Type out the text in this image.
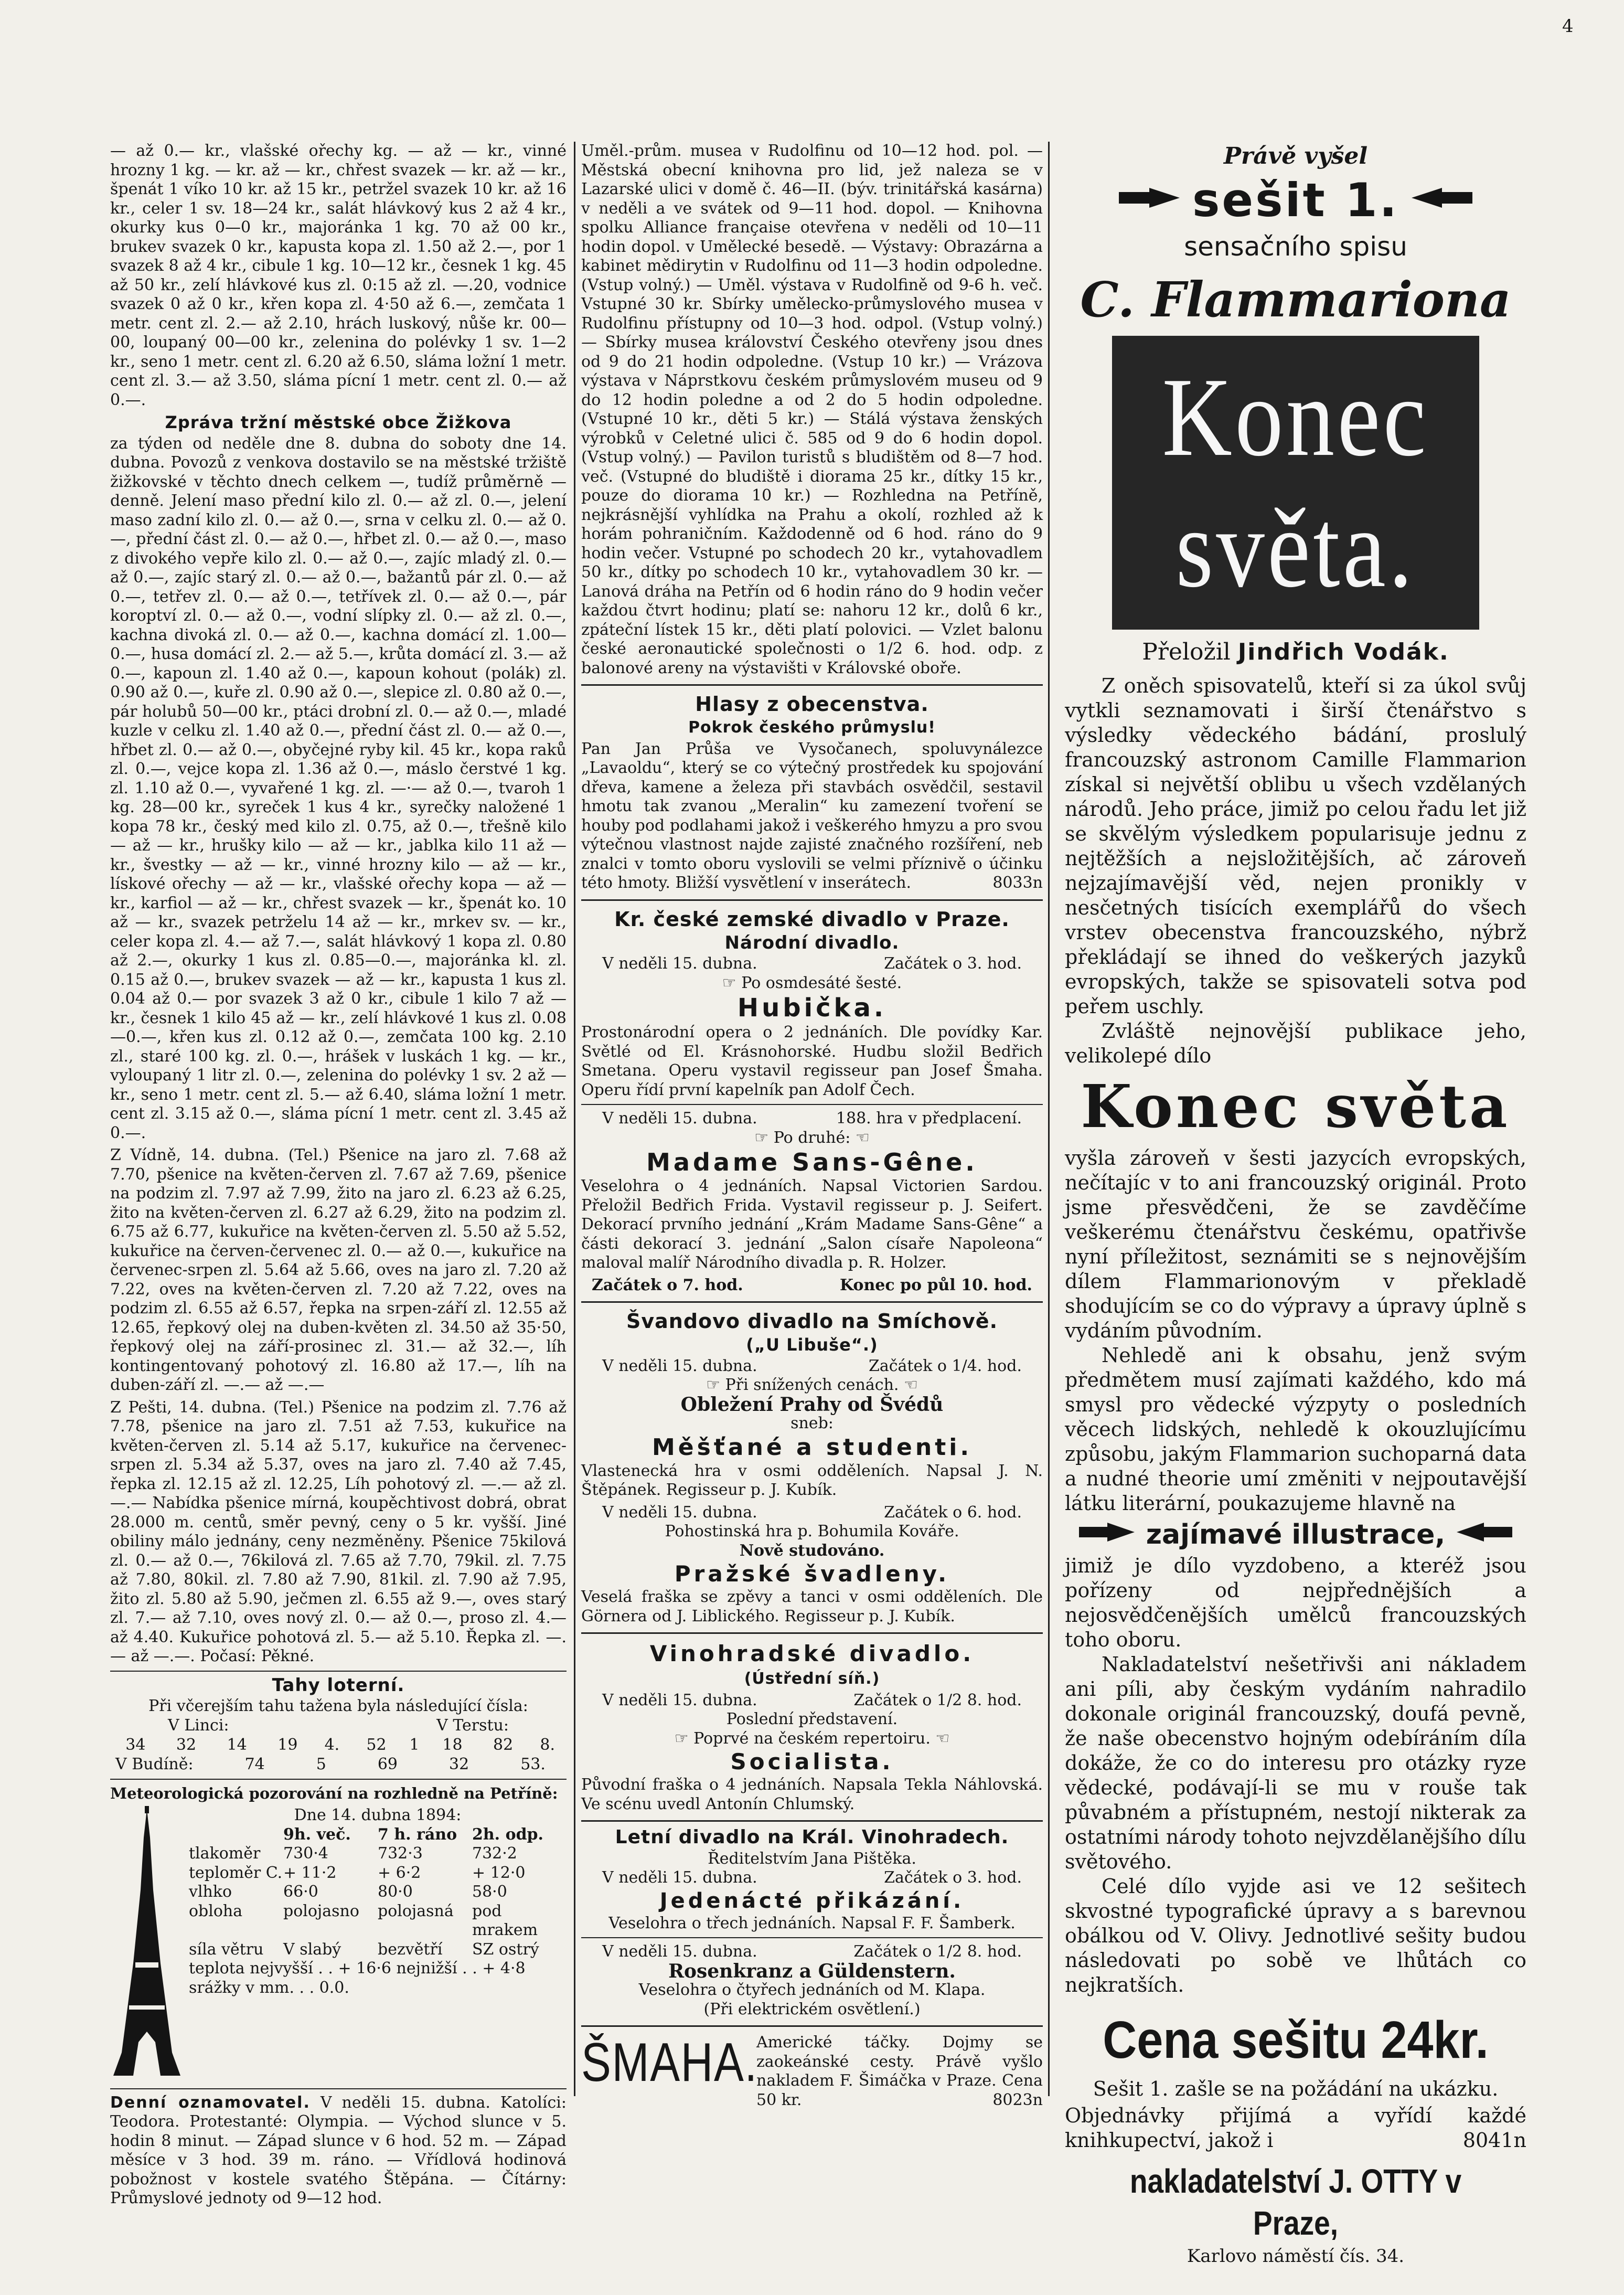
4
— až 0.— kr., vlašské ořechy kg. — až — kr., vinné hrozny 1 kg. — kr. až — kr., chřest svazek — kr. až — kr., špenát 1 víko 10 kr. až 15 kr., petržel svazek 10 kr. až 16 kr., celer 1 sv. 18—24 kr., salát hlávkový kus 2 až 4 kr., okurky kus 0—0 kr., majoránka 1 kg. 70 až 00 kr., brukev svazek 0 kr., kapusta kopa zl. 1.50 až 2.—, por 1 svazek 8 až 4 kr., cibule 1 kg. 10—12 kr., česnek 1 kg. 45 až 50 kr., zelí hlávkové kus zl. 0:15 až zl. —.20, vodnice svazek 0 až 0 kr., křen kopa zl. 4·50 až 6.—, zemčata 1 metr. cent zl. 2.— až 2.10, hrách luskový, nůše kr. 00—00, loupaný 00—00 kr., zelenina do polévky 1 sv. 1—2 kr., seno 1 metr. cent zl. 6.20 až 6.50, sláma ložní 1 metr. cent zl. 3.— až 3.50, sláma pícní 1 metr. cent zl. 0.— až 0.—.
Zpráva tržní městské obce Žižkova
za týden od neděle dne 8. dubna do soboty dne 14. dubna. Povozů z venkova dostavilo se na městské tržiště žižkovské v těchto dnech celkem —, tudíž průměrně — denně. Jelení maso přední kilo zl. 0.— až zl. 0.—, jelení maso zadní kilo zl. 0.— až 0.—, srna v celku zl. 0.— až 0.—, přední část zl. 0.— až 0.—, hřbet zl. 0.— až 0.—, maso z divokého vepře kilo zl. 0.— až 0.—, zajíc mladý zl. 0.— až 0.—, zajíc starý zl. 0.— až 0.—, bažantů pár zl. 0.— až 0.—, tetřev zl. 0.— až 0.—, tetřívek zl. 0.— až 0.—, pár koroptví zl. 0.— až 0.—, vodní slípky zl. 0.— až zl. 0.—, kachna divoká zl. 0.— až 0.—, kachna domácí zl. 1.00—0.—, husa domácí zl. 2.— až 5.—, krůta domácí zl. 3.— až 0.—, kapoun zl. 1.40 až 0.—, kapoun kohout (polák) zl. 0.90 až 0.—, kuře zl. 0.90 až 0.—, slepice zl. 0.80 až 0.—, pár holubů 50—00 kr., ptáci drobní zl. 0.— až 0.—, mladé kuzle v celku zl. 1.40 až 0.—, přední část zl. 0.— až 0.—, hřbet zl. 0.— až 0.—, obyčejné ryby kil. 45 kr., kopa raků zl. 0.—, vejce kopa zl. 1.36 až 0.—, máslo čerstvé 1 kg. zl. 1.10 až 0.—, vyvařené 1 kg. zl. —·— až 0.—, tvaroh 1 kg. 28—00 kr., syreček 1 kus 4 kr., syrečky naložené 1 kopa 78 kr., český med kilo zl. 0.75, až 0.—, třešně kilo — až — kr., hrušky kilo — až — kr., jablka kilo 11 až — kr., švestky — až — kr., vinné hrozny kilo — až — kr., lískové ořechy — až — kr., vlašské ořechy kopa — až — kr., karfiol — až — kr., chřest svazek — kr., špenát ko. 10 až — kr., svazek petrželu 14 až — kr., mrkev sv. — kr., celer kopa zl. 4.— až 7.—, salát hlávkový 1 kopa zl. 0.80 až 2.—, okurky 1 kus zl. 0.85—0.—, majoránka kl. zl. 0.15 až 0.—, brukev svazek — až — kr., kapusta 1 kus zl. 0.04 až 0.— por svazek 3 až 0 kr., cibule 1 kilo 7 až — kr., česnek 1 kilo 45 až — kr., zelí hlávkové 1 kus zl. 0.08—0.—, křen kus zl. 0.12 až 0.—, zemčata 100 kg. 2.10 zl., staré 100 kg. zl. 0.—, hrášek v luskách 1 kg. — kr., vyloupaný 1 litr zl. 0.—, zelenina do polévky 1 sv. 2 až — kr., seno 1 metr. cent zl. 5.— až 6.40, sláma ložní 1 metr. cent zl. 3.15 až 0.—, sláma pícní 1 metr. cent zl. 3.45 až 0.—.
Z Vídně, 14. dubna. (Tel.) Pšenice na jaro zl. 7.68 až 7.70, pšenice na květen-červen zl. 7.67 až 7.69, pšenice na podzim zl. 7.97 až 7.99, žito na jaro zl. 6.23 až 6.25, žito na květen-červen zl. 6.27 až 6.29, žito na podzim zl. 6.75 až 6.77, kukuřice na květen-červen zl. 5.50 až 5.52, kukuřice na červen-červenec zl. 0.— až 0.—, kukuřice na červenec-srpen zl. 5.64 až 5.66, oves na jaro zl. 7.20 až 7.22, oves na květen-červen zl. 7.20 až 7.22, oves na podzim zl. 6.55 až 6.57, řepka na srpen-září zl. 12.55 až 12.65, řepkový olej na duben-květen zl. 34.50 až 35·50, řepkový olej na září-prosinec zl. 31.— až 32.—, líh kontingentovaný pohotový zl. 16.80 až 17.—, líh na duben-září zl. —.— až —.—
Z Pešti, 14. dubna. (Tel.) Pšenice na podzim zl. 7.76 až 7.78, pšenice na jaro zl. 7.51 až 7.53, kukuřice na květen-červen zl. 5.14 až 5.17, kukuřice na červenec-srpen zl. 5.34 až 5.37, oves na jaro zl. 7.40 až 7.45, řepka zl. 12.15 až zl. 12.25, Líh pohotový zl. —.— až zl. —.— Nabídka pšenice mírná, koupěchtivost dobrá, obrat 28.000 m. centů, směr pevný, ceny o 5 kr. vyšší. Jiné obiliny málo jednány, ceny nezměněny. Pšenice 75kilová zl. 0.— až 0.—, 76kilová zl. 7.65 až 7.70, 79kil. zl. 7.75 až 7.80, 80kil. zl. 7.80 až 7.90, 81kil. zl. 7.90 až 7.95, žito zl. 5.80 až 5.90, ječmen zl. 6.55 až 9.—, oves starý zl. 7.— až 7.10, oves nový zl. 0.— až 0.—, proso zl. 4.— až 4.40. Kukuřice pohotová zl. 5.— až 5.10. Řepka zl. —.— až —.—. Počasí: Pěkné.
Tahy loterní.
Při včerejším tahu tažena byla následující čísla:
V Linci:	V Terstu:
34	32	14	19	4.	52	1	18	82	8.
V Budíně:	74	5	69	32	53.
Meteorologická pozorování na rozhledně na Petříně:
Dne 14. dubna 1894:
9h. več.	7 h. ráno 2h. odp.
tlakoměr	730·4	732·3	732·2
teploměr C. + 11·2	+ 6·2	+ 12·0
vlhko	66·0	80·0	58·0
obloha	polojasno	polojasná	pod mrakem
síla větru	V slabý	bezvětří	SZ ostrý
teplota nejvyšší . . + 16·6 nejnižší . . + 4·8
srážky v mm. . . 0.0.
Denní oznamovatel. V neděli 15. dubna. Katolíci: Teodora. Protestanté: Olympia. — Východ slunce v 5. hodin 8 minut. — Západ slunce v 6 hod. 52 m. — Západ měsíce v 3 hod. 39 m. ráno. — Vřídlová hodinová pobožnost v kostele svatého Štěpána. — Čítárny: Průmyslové jednoty od 9—12 hod.
Uměl.-prům. musea v Rudolfinu od 10—12 hod. pol. — Městská obecní knihovna pro lid, jež naleza se v Lazarské ulici v domě č. 46—II. (býv. trinitářská kasárna) v neděli a ve svátek od 9—11 hod. dopol. — Knihovna spolku Alliance française otevřena v neděli od 10—11 hodin dopol. v Umělecké besedě. — Výstavy: Obrazárna a kabinet mědirytin v Rudolfinu od 11—3 hodin odpoledne. (Vstup volný.) — Uměl. výstava v Rudolfině od 9-6 h. več. Vstupné 30 kr. Sbírky umělecko-průmyslového musea v Rudolfinu přístupny od 10—3 hod. odpol. (Vstup volný.) — Sbírky musea království Českého otevřeny jsou dnes od 9 do 21 hodin odpoledne. (Vstup 10 kr.) — Vrázova výstava v Náprstkovu českém průmyslovém museu od 9 do 12 hodin poledne a od 2 do 5 hodin odpoledne. (Vstupné 10 kr., děti 5 kr.) — Stálá výstava ženských výrobků v Celetné ulici č. 585 od 9 do 6 hodin dopol. (Vstup volný.) — Pavilon turistů s bludištěm od 8—7 hod. več. (Vstupné do bludiště i diorama 25 kr., dítky 15 kr., pouze do diorama 10 kr.) — Rozhledna na Petříně, nejkrásnější vyhlídka na Prahu a okolí, rozhled až k horám pohraničním. Každodenně od 6 hod. ráno do 9 hodin večer. Vstupné po schodech 20 kr., vytahovadlem 50 kr., dítky po schodech 10 kr., vytahovadlem 30 kr. — Lanová dráha na Petřín od 6 hodin ráno do 9 hodin večer každou čtvrt hodinu; platí se: nahoru 12 kr., dolů 6 kr., zpáteční lístek 15 kr., děti platí polovici. — Vzlet balonu české aeronautické společnosti o 1/2 6. hod. odp. z balonové areny na výstavišti v Královské oboře.
Hlasy z obecenstva.
Pokrok českého průmyslu!
Pan Jan Průša ve Vysočanech, spoluvynálezce „Lavaoldu“, který se co výtečný prostředek ku spojování dřeva, kamene a železa při stavbách osvědčil, sestavil hmotu tak zvanou „Meralin“ ku zamezení tvoření se houby pod podlahami jakož i veškerého hmyzu a pro svou výtečnou vlastnost najde zajisté značného rozšíření, neb znalci v tomto oboru vyslovili se velmi příznivě o účinku této hmoty. Bližší vysvětlení v inserátech.	8033n
Kr. české zemské divadlo v Praze.
Národní divadlo.
V neděli 15. dubna.	Začátek o 3. hod.
☞ Po osmdesáté šesté.
Hubička.
Prostonárodní opera o 2 jednáních. Dle povídky Kar. Světlé od El. Krásnohorské. Hudbu složil Bedřich Smetana. Operu vystavil regisseur pan Josef Šmaha. Operu řídí první kapelník pan Adolf Čech.
V neděli 15. dubna.	188. hra v předplacení.
☞ Po druhé: ☜
Madame Sans-Gêne.
Veselohra o 4 jednáních. Napsal Victorien Sardou. Přeložil Bedřich Frida. Vystavil regisseur p. J. Seifert. Dekorací prvního jednání „Krám Madame Sans-Gêne“ a části dekorací 3. jednání „Salon císaře Napoleona“ maloval malíř Národního divadla p. R. Holzer.
Začátek o 7. hod.	Konec po půl 10. hod.
Švandovo divadlo na Smíchově.
(„U Libuše“.)
V neděli 15. dubna.	Začátek o 1/4. hod.
☞ Při snížených cenách. ☜
Obležení Prahy od Švédů
sneb:
Měšťané a studenti.
Vlastenecká hra v osmi odděleních. Napsal J. N. Štěpánek. Regisseur p. J. Kubík.
V neděli 15. dubna.	Začátek o 6. hod.
Pohostinská hra p. Bohumila Kováře.
Nově studováno.
Pražské švadleny.
Veselá fraška se zpěvy a tanci v osmi odděleních. Dle Görnera od J. Liblického. Regisseur p. J. Kubík.
Vinohradské divadlo.
(Ústřední síň.)
V neděli 15. dubna.	Začátek o 1/2 8. hod.
Poslední představení.
☞ Poprvé na českém repertoiru. ☜
Socialista.
Původní fraška o 4 jednáních. Napsala Tekla Náhlovská. Ve scénu uvedl Antonín Chlumský.
Letní divadlo na Král. Vinohradech.
Ředitelstvím Jana Pištěka.
V neděli 15. dubna.	Začátek o 3. hod.
Jedenácté přikázání.
Veselohra o třech jednáních. Napsal F. F. Šamberk.
V neděli 15. dubna.	Začátek o 1/2 8. hod.
Rosenkranz a Güldenstern.
Veselohra o čtyřech jednáních od M. Klapa.
(Při elektrickém osvětlení.)
ŠMAHA.
Americké táčky. Dojmy se zaokeánské cesty. Právě vyšlo nakladem F. Šimáčka v Praze. Cena 50 kr.	8023n
Právě vyšel
sešit 1.
sensačního spisu
C. Flammariona
Konec
světa.
Přeložil Jindřich Vodák.

Z oněch spisovatelů, kteří si za úkol svůj vytkli seznamovati i širší čtenářstvo s výsledky vědeckého bádání, proslulý francouzský astronom Camille Flammarion získal si největší oblibu u všech vzdělaných národů. Jeho práce, jimiž po celou řadu let již se skvělým výsledkem popularisuje jednu z nejtěžších a nejsložitějších, ač zároveň nejzajímavější věd, nejen pronikly v nesčetných tisících exemplářů do všech vrstev obecenstva francouzského, nýbrž překládají se ihned do veškerých jazyků evropských, takže se spisovateli sotva pod peřem uschly.

Zvláště nejnovější publikace jeho, velikolepé dílo

Konec světa

vyšla zároveň v šesti jazycích evropských, nečítajíc v to ani francouzský originál. Proto jsme přesvědčeni, že se zavděčíme veškerému čtenářstvu českému, opatřivše nyní příležitost, seznámiti se s nejnovějším dílem Flammarionovým v překladě shodujícím se co do výpravy a úpravy úplně s vydáním původním.

Nehledě ani k obsahu, jenž svým předmětem musí zajímati každého, kdo má smysl pro vědecké výzpyty o posledních věcech lidských, nehledě k okouzlujícímu způsobu, jakým Flammarion suchoparná data a nudné theorie umí změniti v nejpoutavější látku literární, poukazujeme hlavně na

zajímavé illustrace,

jimiž je dílo vyzdobeno, a kteréž jsou pořízeny od nejpřednějších a nejosvědčenějších umělců francouzských toho oboru.

Nakladatelství nešetřivši ani nákladem ani píli, aby českým vydáním nahradilo dokonale originál francouzský, doufá pevně, že naše obecenstvo hojným odebíráním díla dokáže, že co do interesu pro otázky ryze vědecké, podávají-li se mu v rouše tak půvabném a přístupném, nestojí nikterak za ostatními národy tohoto nejvzdělanějšího dílu světového.

Celé dílo vyjde asi ve 12 sešitech skvostné typografické úpravy a s barevnou obálkou od V. Olivy. Jednotlivé sešity budou následovati po sobě ve lhůtách co nejkratších.

Cena sešitu 24kr.
Sešit 1. zašle se na požádání na ukázku.
Objednávky přijímá a vyřídí každé knihkupectví, jakož i	8041n
nakladatelství J. OTTY v Praze,
Karlovo náměstí čís. 34.
